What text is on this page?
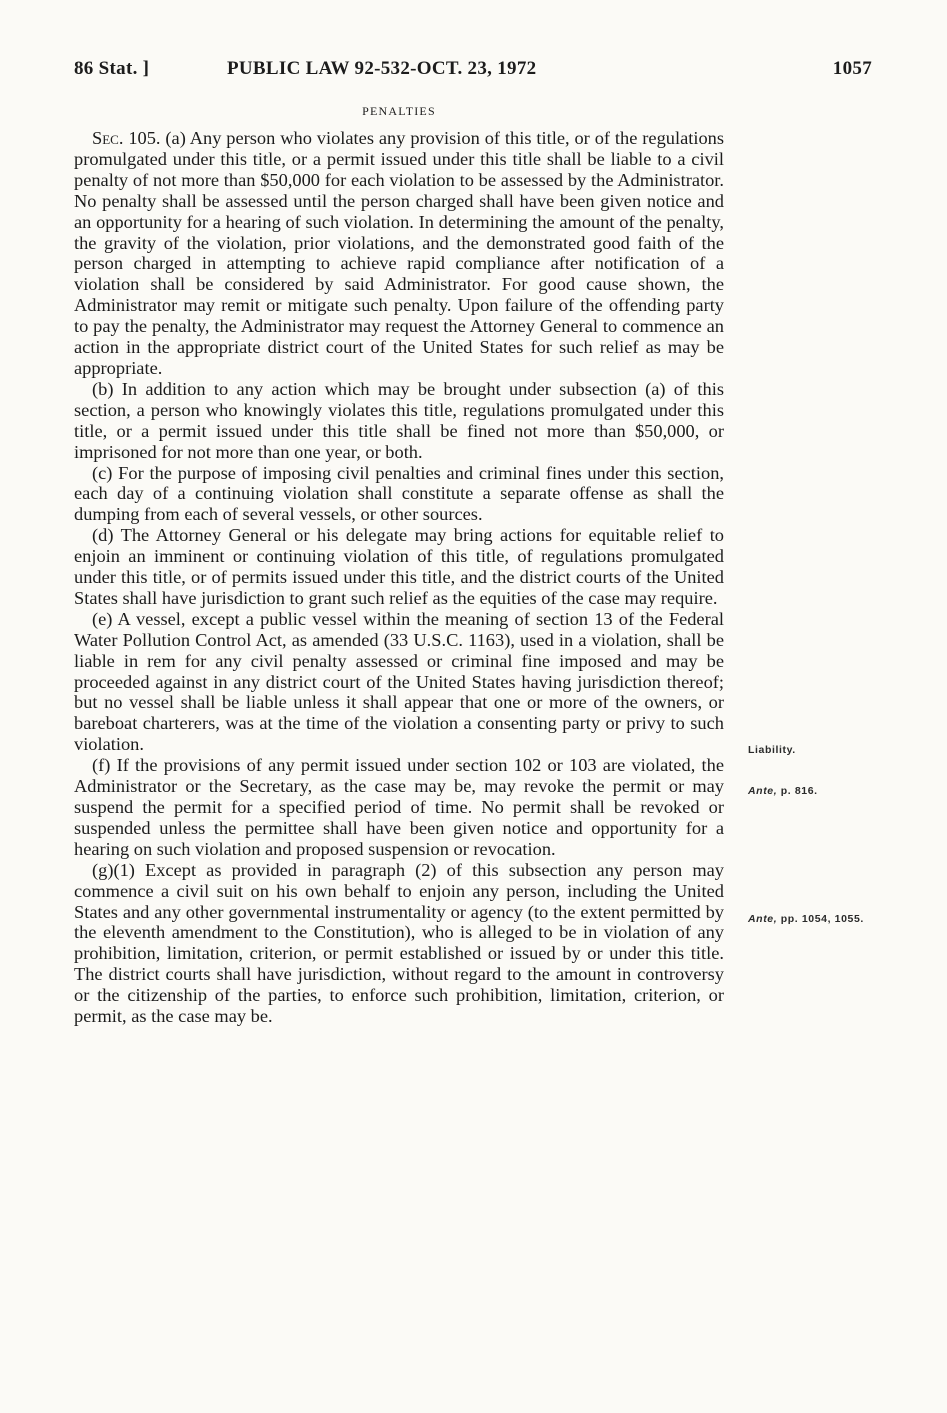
86 Stat. ]	PUBLIC LAW 92-532-OCT. 23, 1972	1057
PENALTIES

Sec. 105. (a) Any person who violates any provision of this title, or of the regulations promulgated under this title, or a permit issued under this title shall be liable to a civil penalty of not more than $50,000 for each violation to be assessed by the Administrator. No penalty shall be assessed until the person charged shall have been given notice and an opportunity for a hearing of such violation. In determining the amount of the penalty, the gravity of the violation, prior violations, and the demonstrated good faith of the person charged in attempting to achieve rapid compliance after notification of a violation shall be considered by said Administrator. For good cause shown, the Administrator may remit or mitigate such penalty. Upon failure of the offending party to pay the penalty, the Administrator may request the Attorney General to commence an action in the appropriate district court of the United States for such relief as may be appropriate.

(b) In addition to any action which may be brought under subsection (a) of this section, a person who knowingly violates this title, regulations promulgated under this title, or a permit issued under this title shall be fined not more than $50,000, or imprisoned for not more than one year, or both.

(c) For the purpose of imposing civil penalties and criminal fines under this section, each day of a continuing violation shall constitute a separate offense as shall the dumping from each of several vessels, or other sources.

(d) The Attorney General or his delegate may bring actions for equitable relief to enjoin an imminent or continuing violation of this title, of regulations promulgated under this title, or of permits issued under this title, and the district courts of the United States shall have jurisdiction to grant such relief as the equities of the case may require.

(e) A vessel, except a public vessel within the meaning of section 13 of the Federal Water Pollution Control Act, as amended (33 U.S.C. 1163), used in a violation, shall be liable in rem for any civil penalty assessed or criminal fine imposed and may be proceeded against in any district court of the United States having jurisdiction thereof; but no vessel shall be liable unless it shall appear that one or more of the owners, or bareboat charterers, was at the time of the violation a consenting party or privy to such violation.

(f) If the provisions of any permit issued under section 102 or 103 are violated, the Administrator or the Secretary, as the case may be, may revoke the permit or may suspend the permit for a specified period of time. No permit shall be revoked or suspended unless the permittee shall have been given notice and opportunity for a hearing on such violation and proposed suspension or revocation.

(g)(1) Except as provided in paragraph (2) of this subsection any person may commence a civil suit on his own behalf to enjoin any person, including the United States and any other governmental instrumentality or agency (to the extent permitted by the eleventh amendment to the Constitution), who is alleged to be in violation of any prohibition, limitation, criterion, or permit established or issued by or under this title. The district courts shall have jurisdiction, without regard to the amount in controversy or the citizenship of the parties, to enforce such prohibition, limitation, criterion, or permit, as the case may be.

Liability.
Ante, p. 816.
Ante, pp. 1054, 1055.
